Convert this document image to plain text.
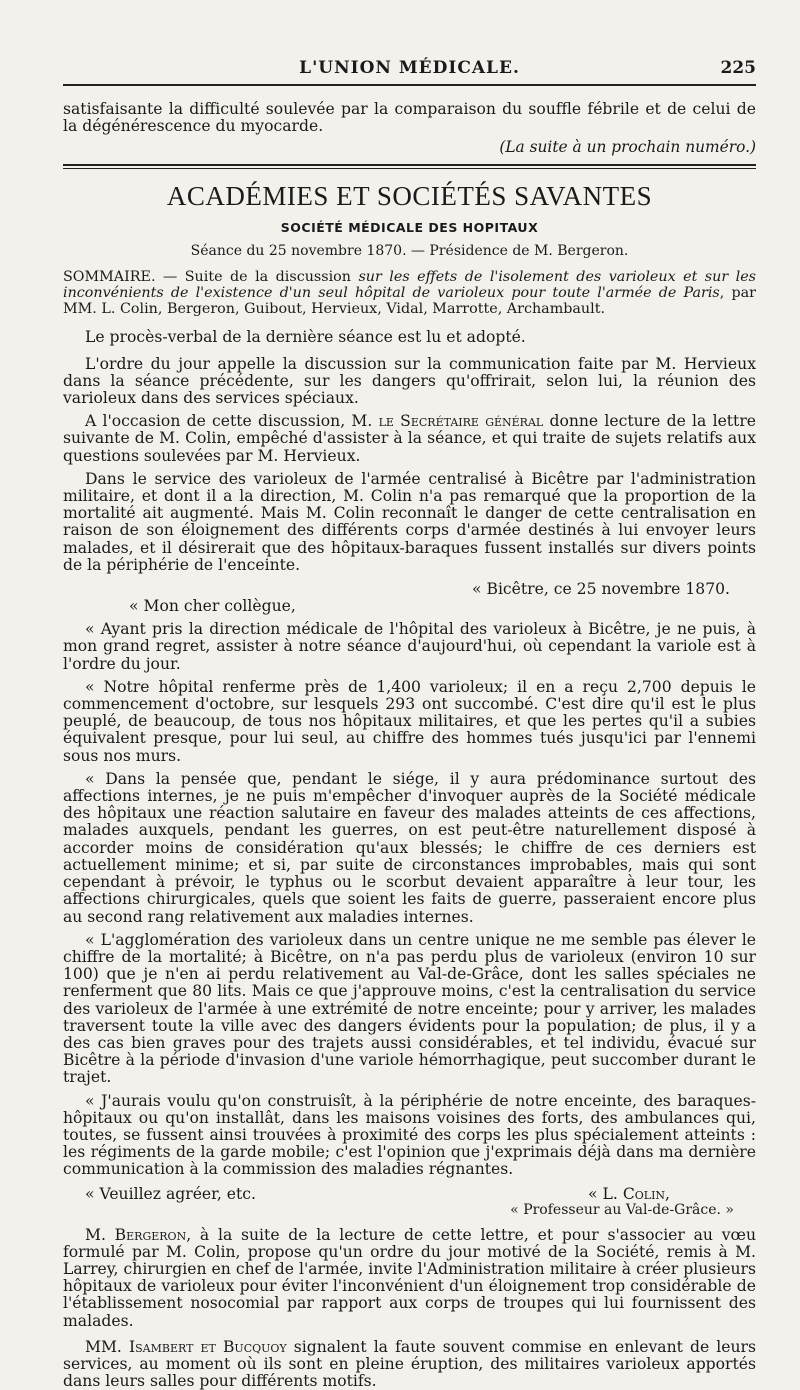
L'UNION MÉDICALE.	225

satisfaisante la difficulté soulevée par la comparaison du souffle fébrile et de celui de la dégénérescence du myocarde.

(La suite à un prochain numéro.)

ACADÉMIES ET SOCIÉTÉS SAVANTES
SOCIÉTÉ MÉDICALE DES HOPITAUX
Séance du 25 novembre 1870. — Présidence de M. Bergeron.

SOMMAIRE. — Suite de la discussion sur les effets de l'isolement des varioleux et sur les inconvénients de l'existence d'un seul hôpital de varioleux pour toute l'armée de Paris, par MM. L. Colin, Bergeron, Guibout, Hervieux, Vidal, Marrotte, Archambault.

Le procès-verbal de la dernière séance est lu et adopté.

L'ordre du jour appelle la discussion sur la communication faite par M. Hervieux dans la séance précédente, sur les dangers qu'offrirait, selon lui, la réunion des varioleux dans des services spéciaux.

A l'occasion de cette discussion, M. le Secrétaire général donne lecture de la lettre suivante de M. Colin, empêché d'assister à la séance, et qui traite de sujets relatifs aux questions soulevées par M. Hervieux.

Dans le service des varioleux de l'armée centralisé à Bicêtre par l'administration militaire, et dont il a la direction, M. Colin n'a pas remarqué que la proportion de la mortalité ait augmenté. Mais M. Colin reconnaît le danger de cette centralisation en raison de son éloignement des différents corps d'armée destinés à lui envoyer leurs malades, et il désirerait que des hôpitaux-baraques fussent installés sur divers points de la périphérie de l'enceinte.

« Bicêtre, ce 25 novembre 1870.

« Mon cher collègue,

« Ayant pris la direction médicale de l'hôpital des varioleux à Bicêtre, je ne puis, à mon grand regret, assister à notre séance d'aujourd'hui, où cependant la variole est à l'ordre du jour.

« Notre hôpital renferme près de 1,400 varioleux; il en a reçu 2,700 depuis le commencement d'octobre, sur lesquels 293 ont succombé. C'est dire qu'il est le plus peuplé, de beaucoup, de tous nos hôpitaux militaires, et que les pertes qu'il a subies équivalent presque, pour lui seul, au chiffre des hommes tués jusqu'ici par l'ennemi sous nos murs.

« Dans la pensée que, pendant le siége, il y aura prédominance surtout des affections internes, je ne puis m'empêcher d'invoquer auprès de la Société médicale des hôpitaux une réaction salutaire en faveur des malades atteints de ces affections, malades auxquels, pendant les guerres, on est peut-être naturellement disposé à accorder moins de considération qu'aux blessés; le chiffre de ces derniers est actuellement minime; et si, par suite de circonstances improbables, mais qui sont cependant à prévoir, le typhus ou le scorbut devaient apparaître à leur tour, les affections chirurgicales, quels que soient les faits de guerre, passeraient encore plus au second rang relativement aux maladies internes.

« L'agglomération des varioleux dans un centre unique ne me semble pas élever le chiffre de la mortalité; à Bicêtre, on n'a pas perdu plus de varioleux (environ 10 sur 100) que je n'en ai perdu relativement au Val-de-Grâce, dont les salles spéciales ne renferment que 80 lits. Mais ce que j'approuve moins, c'est la centralisation du service des varioleux de l'armée à une extrémité de notre enceinte; pour y arriver, les malades traversent toute la ville avec des dangers évidents pour la population; de plus, il y a des cas bien graves pour des trajets aussi considérables, et tel individu, évacué sur Bicêtre à la période d'invasion d'une variole hémorrhagique, peut succomber durant le trajet.

« J'aurais voulu qu'on construisît, à la périphérie de notre enceinte, des baraques-hôpitaux ou qu'on installât, dans les maisons voisines des forts, des ambulances qui, toutes, se fussent ainsi trouvées à proximité des corps les plus spécialement atteints : les régiments de la garde mobile; c'est l'opinion que j'exprimais déjà dans ma dernière communication à la commission des maladies régnantes.

« Veuillez agréer, etc.	« L. Colin,
« Professeur au Val-de-Grâce. »

M. Bergeron, à la suite de la lecture de cette lettre, et pour s'associer au vœu formulé par M. Colin, propose qu'un ordre du jour motivé de la Société, remis à M. Larrey, chirurgien en chef de l'armée, invite l'Administration militaire à créer plusieurs hôpitaux de varioleux pour éviter l'inconvénient d'un éloignement trop considérable de l'établissement nosocomial par rapport aux corps de troupes qui lui fournissent des malades.

MM. Isambert et Bucquoy signalent la faute souvent commise en enlevant de leurs services, au moment où ils sont en pleine éruption, des militaires varioleux apportés dans leurs salles pour différents motifs.
